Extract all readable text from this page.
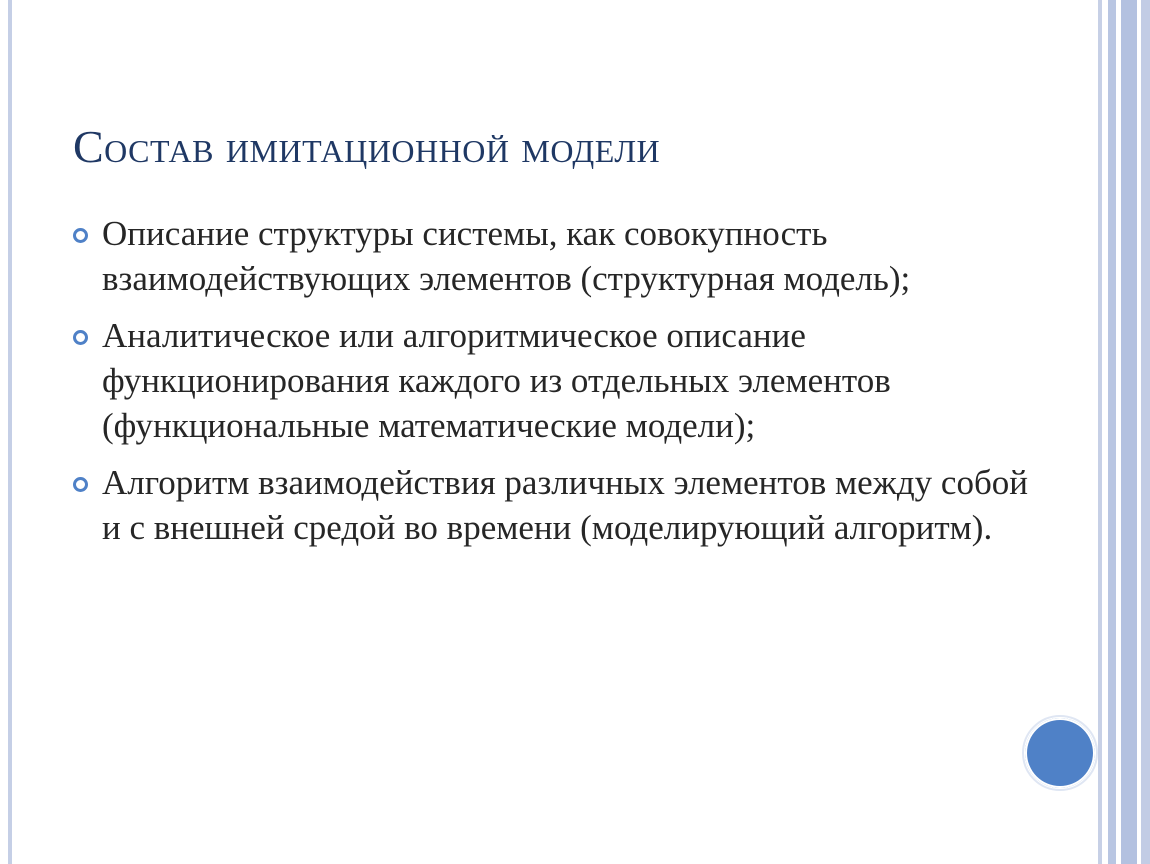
Состав имитационной модели
Описание структуры системы, как совокупность взаимодействующих элементов (структурная модель);
Аналитическое или алгоритмическое описание функционирования каждого из отдельных элементов (функциональные математические модели);
Алгоритм взаимодействия различных элементов между собой и с внешней средой во времени (моделирующий алгоритм).
